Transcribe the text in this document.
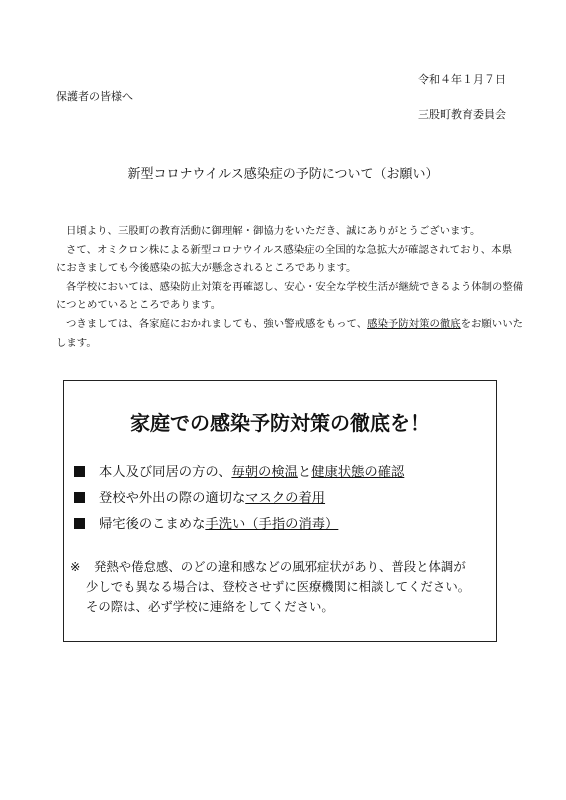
令和４年１月７日
保護者の皆様へ
三股町教育委員会
新型コロナウイルス感染症の予防について（お願い）

日頃より、三股町の教育活動に御理解・御協力をいただき、誠にありがとうございます。

さて、オミクロン株による新型コロナウイルス感染症の全国的な急拡大が確認されており、本県

におきましても今後感染の拡大が懸念されるところであります。

各学校においては、感染防止対策を再確認し、安心・安全な学校生活が継続できるよう体制の整備

につとめているところであります。

つきましては、各家庭におかれましても、強い警戒感をもって、感染予防対策の徹底をお願いいた

します。

家庭での感染予防対策の徹底を！
本人及び同居の方の、毎朝の検温と健康状態の確認
登校や外出の際の適切なマスクの着用
帰宅後のこまめな手洗い（手指の消毒）

※ 発熱や倦怠感、のどの違和感などの風邪症状があり、普段と体調が

少しでも異なる場合は、登校させずに医療機関に相談してください。

その際は、必ず学校に連絡をしてください。
